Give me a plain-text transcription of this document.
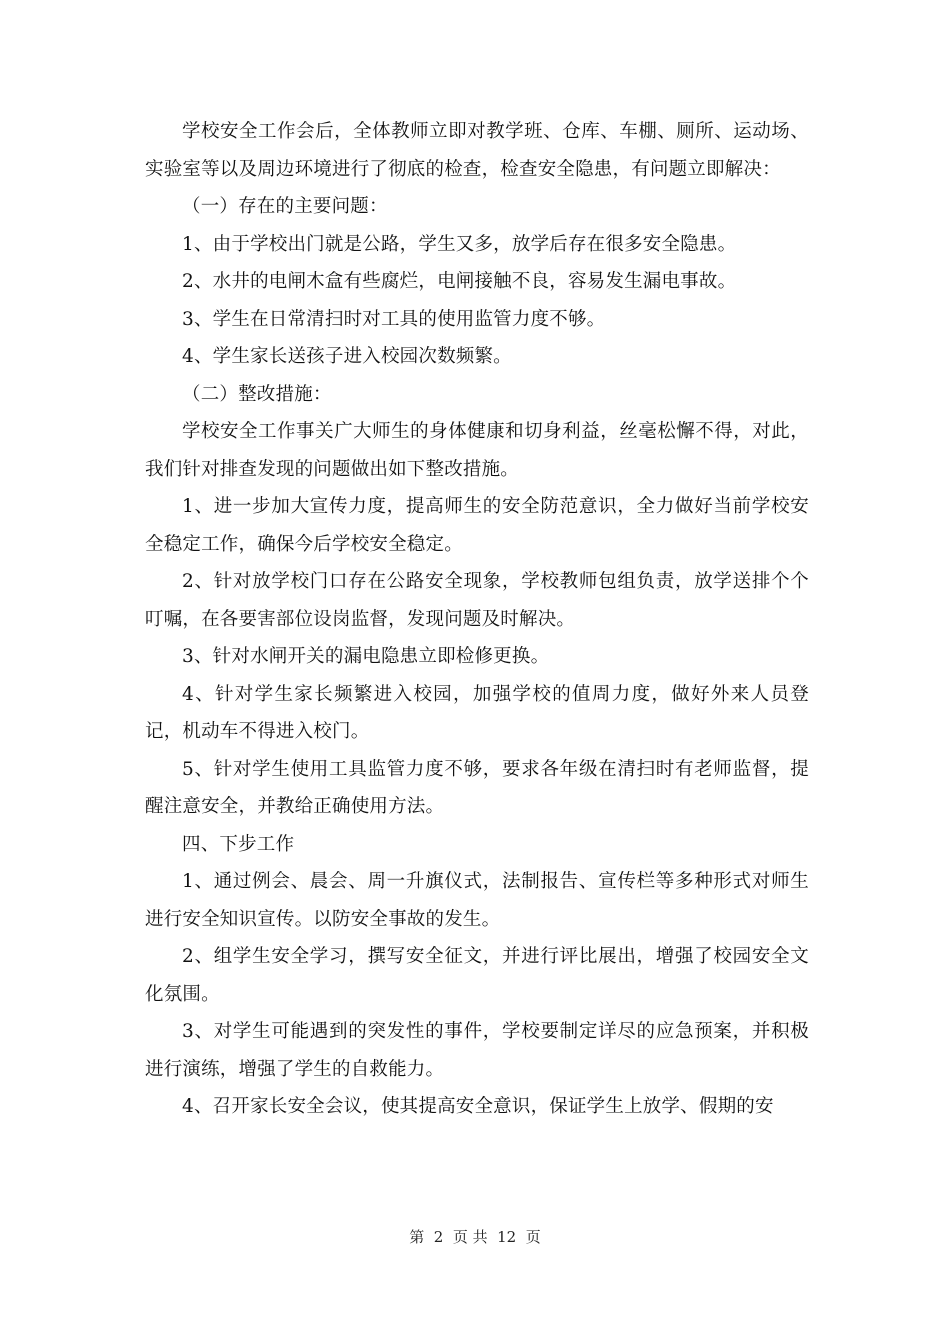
学校安全工作会后，全体教师立即对教学班、仓库、车棚、厕所、运动场、实验室等以及周边环境进行了彻底的检查，检查安全隐患，有问题立即解决：

（一）存在的主要问题：

1、由于学校出门就是公路，学生又多，放学后存在很多安全隐患。

2、水井的电闸木盒有些腐烂，电闸接触不良，容易发生漏电事故。

3、学生在日常清扫时对工具的使用监管力度不够。

4、学生家长送孩子进入校园次数频繁。

（二）整改措施：

学校安全工作事关广大师生的身体健康和切身利益，丝毫松懈不得，对此，我们针对排查发现的问题做出如下整改措施。

1、进一步加大宣传力度，提高师生的安全防范意识，全力做好当前学校安全稳定工作，确保今后学校安全稳定。

2、针对放学校门口存在公路安全现象，学校教师包组负责，放学送排个个叮嘱，在各要害部位设岗监督，发现问题及时解决。

3、针对水闸开关的漏电隐患立即检修更换。

4、针对学生家长频繁进入校园，加强学校的值周力度，做好外来人员登记，机动车不得进入校门。

5、针对学生使用工具监管力度不够，要求各年级在清扫时有老师监督，提醒注意安全，并教给正确使用方法。

四、下步工作

1、通过例会、晨会、周一升旗仪式，法制报告、宣传栏等多种形式对师生进行安全知识宣传。以防安全事故的发生。

2、组学生安全学习，撰写安全征文，并进行评比展出，增强了校园安全文化氛围。

3、对学生可能遇到的突发性的事件，学校要制定详尽的应急预案，并积极进行演练，增强了学生的自救能力。

4、召开家长安全会议，使其提高安全意识，保证学生上放学、假期的安

第  2  页 共  12  页
